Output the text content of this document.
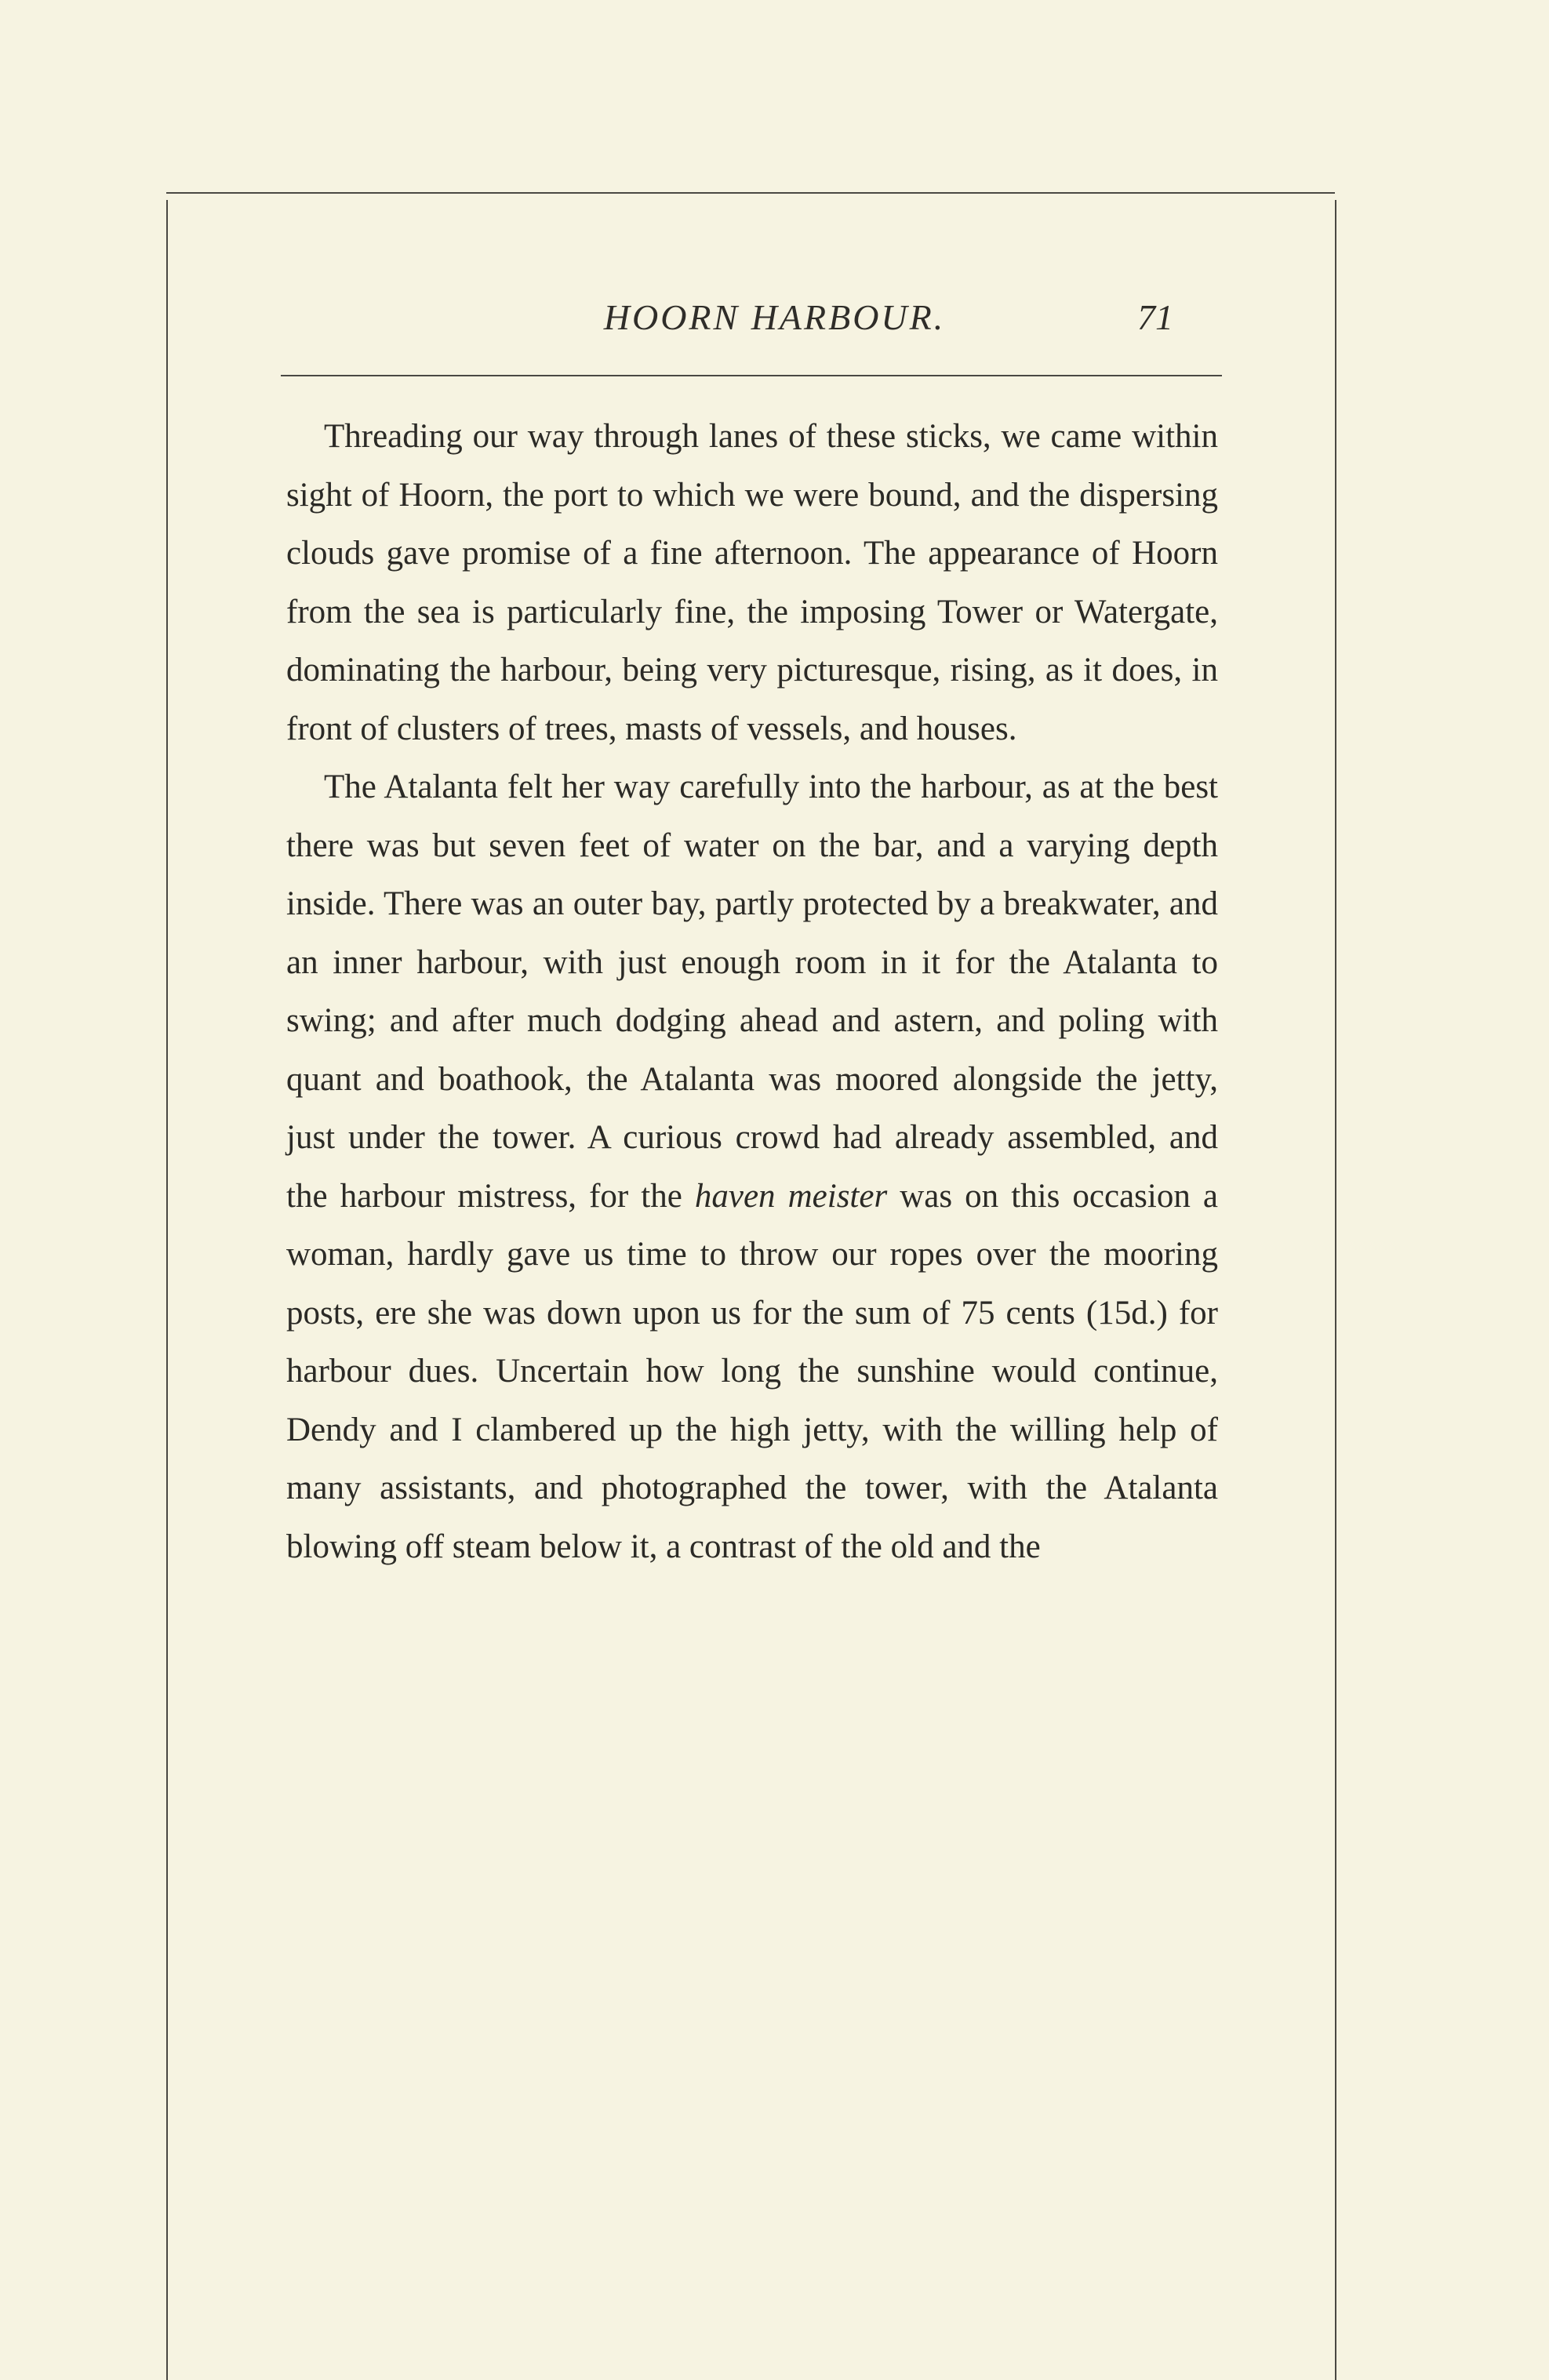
HOORN HARBOUR.	71

Threading our way through lanes of these sticks, we came within sight of Hoorn, the port to which we were bound, and the dispersing clouds gave promise of a fine afternoon. The appearance of Hoorn from the sea is particularly fine, the imposing Tower or Watergate, dominating the harbour, being very picturesque, rising, as it does, in front of clusters of trees, masts of vessels, and houses.

The Atalanta felt her way carefully into the harbour, as at the best there was but seven feet of water on the bar, and a varying depth inside. There was an outer bay, partly protected by a breakwater, and an inner harbour, with just enough room in it for the Atalanta to swing; and after much dodging ahead and astern, and poling with quant and boathook, the Atalanta was moored alongside the jetty, just under the tower. A curious crowd had already assembled, and the harbour mistress, for the haven meister was on this occasion a woman, hardly gave us time to throw our ropes over the mooring posts, ere she was down upon us for the sum of 75 cents (15d.) for harbour dues. Uncertain how long the sunshine would continue, Dendy and I clambered up the high jetty, with the willing help of many assistants, and photographed the tower, with the Atalanta blowing off steam below it, a contrast of the old and the
